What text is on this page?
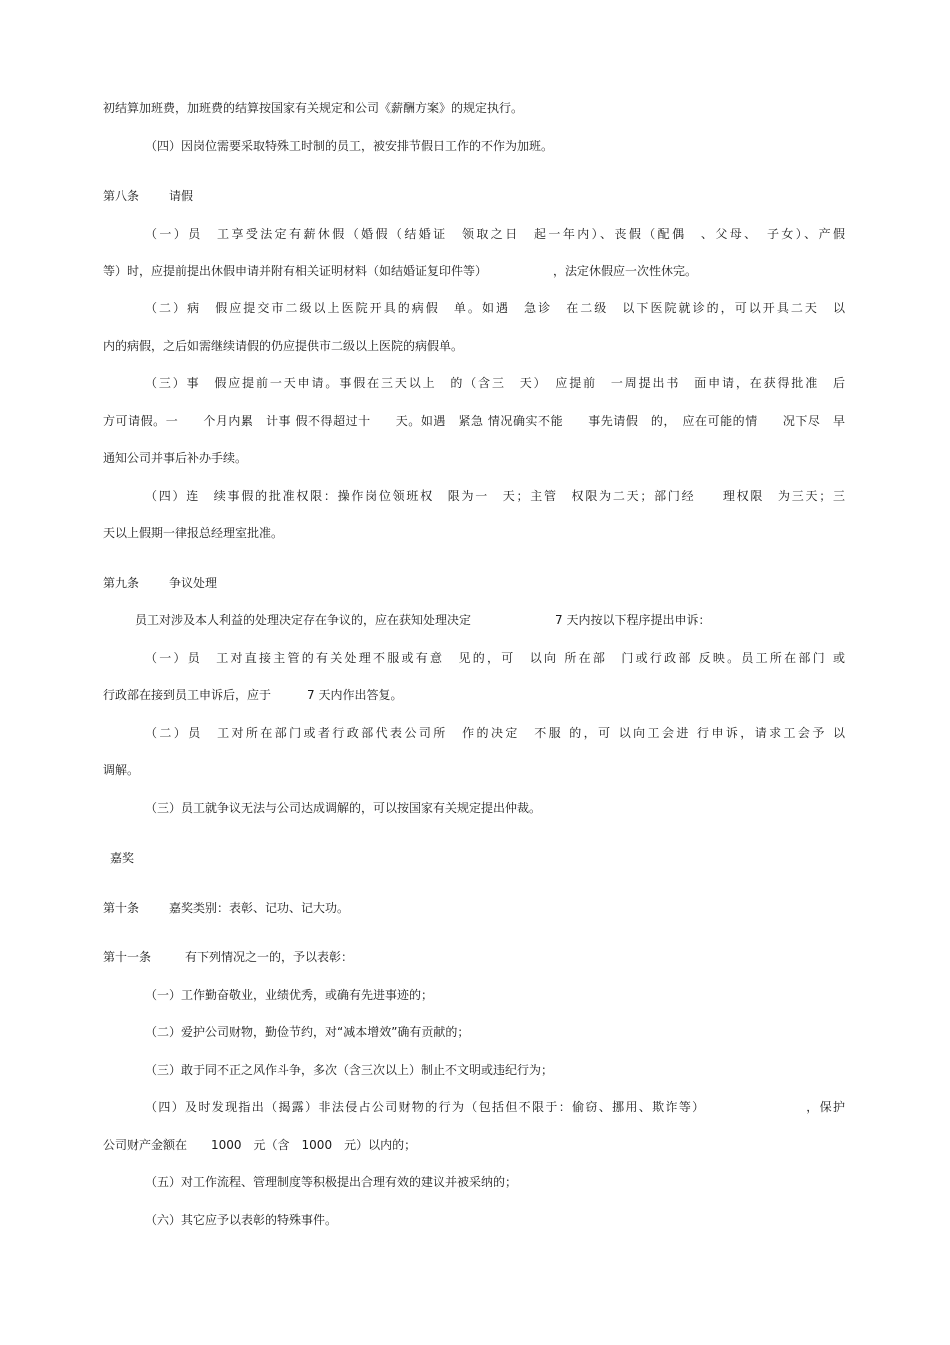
初结算加班费，加班费的结算按国家有关规定和公司《薪酬方案》的规定执行。
（四）因岗位需要采取特殊工时制的员工，被安排节假日工作的不作为加班。
第八条 请假
（一）员　工享受法定有薪休假（婚假（结婚证　领取之日　起一年内）、丧假（配偶　、父母、　子女）、产假
等）时，应提前提出休假申请并附有相关证明材料（如结婚证复印件等）　　　　　　，法定休假应一次性休完。
（二）病　假应提交市二级以上医院开具的病假　单。如遇　急诊　在二级　以下医院就诊的，可以开具二天　以
内的病假，之后如需继续请假的仍应提供市二级以上医院的病假单。
（三）事　假应提前一天申请。事假在三天以上　的（含三　天）　应提前　一周提出书　面申请，在获得批准　后
方可请假。一　　个月内累　计事 假不得超过十　　天。如遇　紧急 情况确实不能　　事先请假　的，　应在可能的情　　况下尽　早
通知公司并事后补办手续。
（四）连　续事假的批准权限：操作岗位领班权　限为一　天；主管　权限为二天；部门经　　理权限　为三天；三
天以上假期一律报总经理室批准。
第九条 争议处理
员工对涉及本人利益的处理决定存在争议的，应在获知处理决定　　　　　　　7 天内按以下程序提出申诉：
（一）员　工对直接主管的有关处理不服或有意　见的，可　以向 所在部　门或行政部 反映。员工所在部门 或
行政部在接到员工申诉后，应于　　　7 天内作出答复。
（二）员　工对所在部门或者行政部代表公司所　作的决定　不服 的，可 以向工会进 行申诉，请求工会予 以
调解。
（三）员工就争议无法与公司达成调解的，可以按国家有关规定提出仲裁。
嘉奖
第十条 嘉奖类别：表彰、记功、记大功。
第十一条	有下列情况之一的，予以表彰：
（一）工作勤奋敬业，业绩优秀，或确有先进事迹的；
（二）爱护公司财物，勤俭节约，对“减本增效”确有贡献的；
（三）敢于同不正之风作斗争，多次（含三次以上）制止不文明或违纪行为；
（四）及时发现指出（揭露）非法侵占公司财物的行为（包括但不限于：偷窃、挪用、欺诈等）　　　　　　　　，保护
公司财产金额在　　1000　元（含　1000　元）以内的；
（五）对工作流程、管理制度等积极提出合理有效的建议并被采纳的；
（六）其它应予以表彰的特殊事件。
